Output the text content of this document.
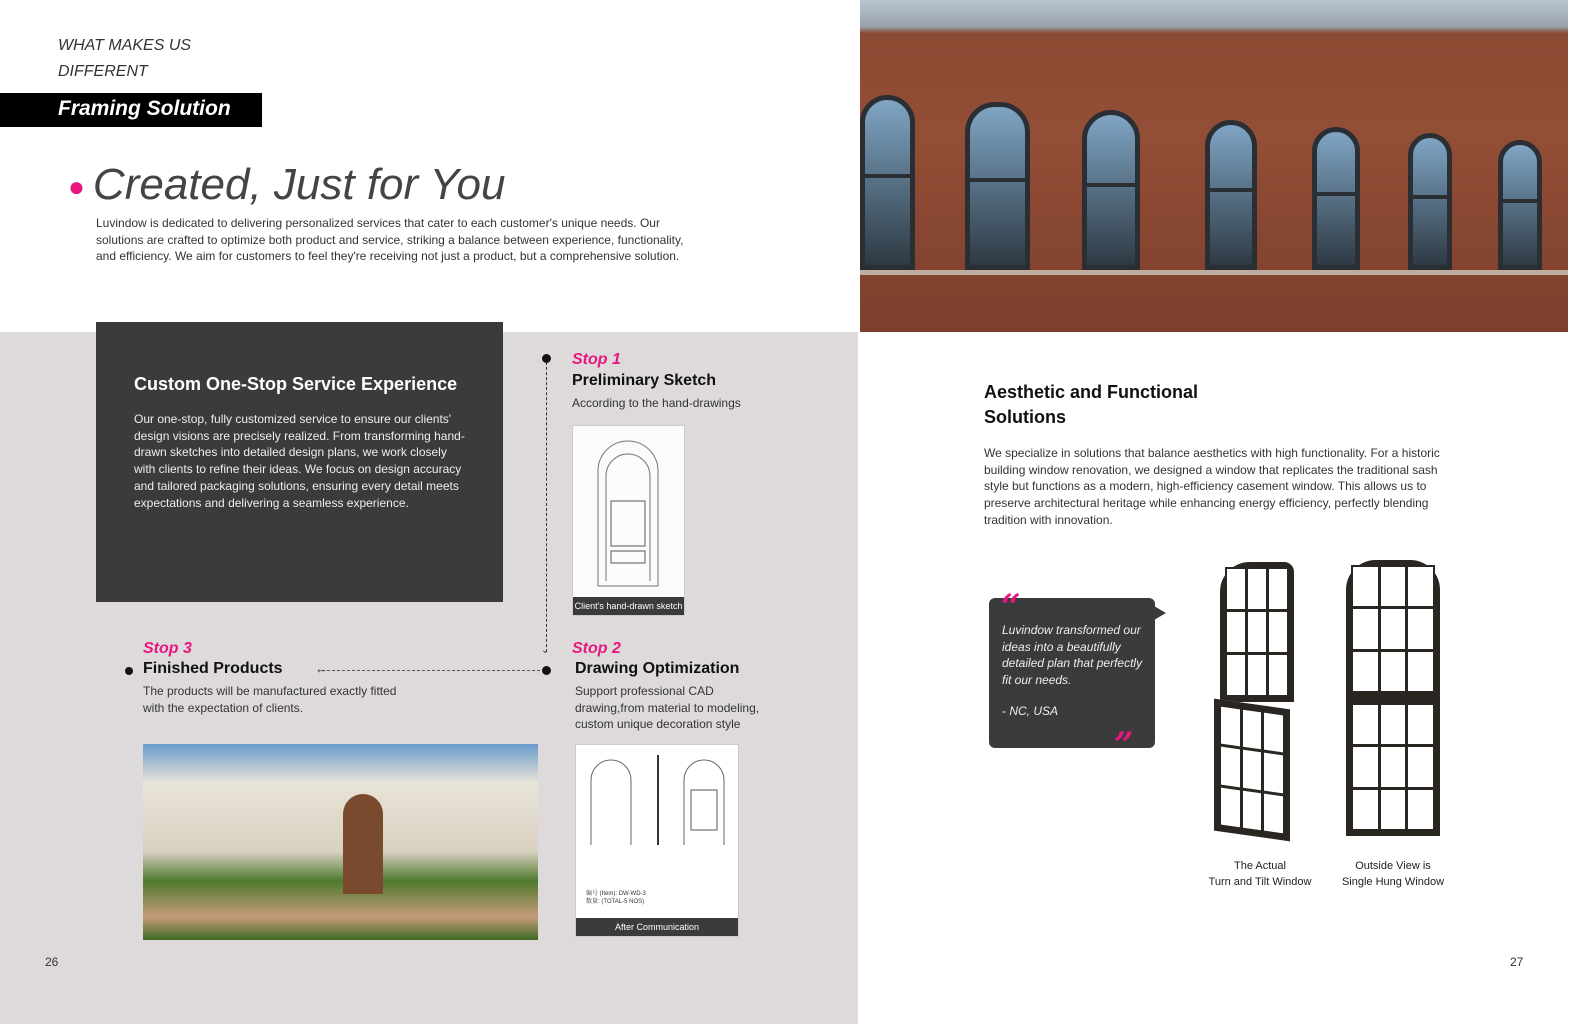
WHAT MAKES US
DIFFERENT
Framing Solution
● Created, Just for You

Luvindow is dedicated to delivering personalized services that cater to each customer's unique needs. Our solutions are crafted to optimize both product and service, striking a balance between experience, functionality, and efficiency. We aim for customers to feel they're receiving not just a product, but a comprehensive solution.

Custom One-Stop Service Experience

Our one-stop, fully customized service to ensure our clients' design visions are precisely realized. From transforming hand-drawn sketches into detailed design plans, we work closely with clients to refine their ideas. We focus on design accuracy and tailored packaging solutions, ensuring every detail meets expectations and delivering a seamless experience.

⌄
←
Stop 1
Preliminary Sketch
According to the hand-drawings
Client's hand-drawn sketch
Stop 2
Drawing Optimization
Support professional CAD drawing,from material to modeling, custom unique decoration style
编号 (Item): DW-WD-3
数量: (TOTAL-5 NOS)
After Communication
Stop 3
Finished Products
The products will be manufactured exactly fitted with the expectation of clients.
26
Aesthetic and Functional Solutions

We specialize in solutions that balance aesthetics with high functionality. For a historic building window renovation, we designed a window that replicates the traditional sash style but functions as a modern, high-efficiency casement window. This allows us to preserve architectural heritage while enhancing energy efficiency, perfectly blending tradition with innovation.

“

Luvindow transformed our ideas into a beautifully detailed plan that perfectly fit our needs.

- NC, USA

”
The Actual
Turn and Tilt Window
Outside View is
Single Hung Window
27
